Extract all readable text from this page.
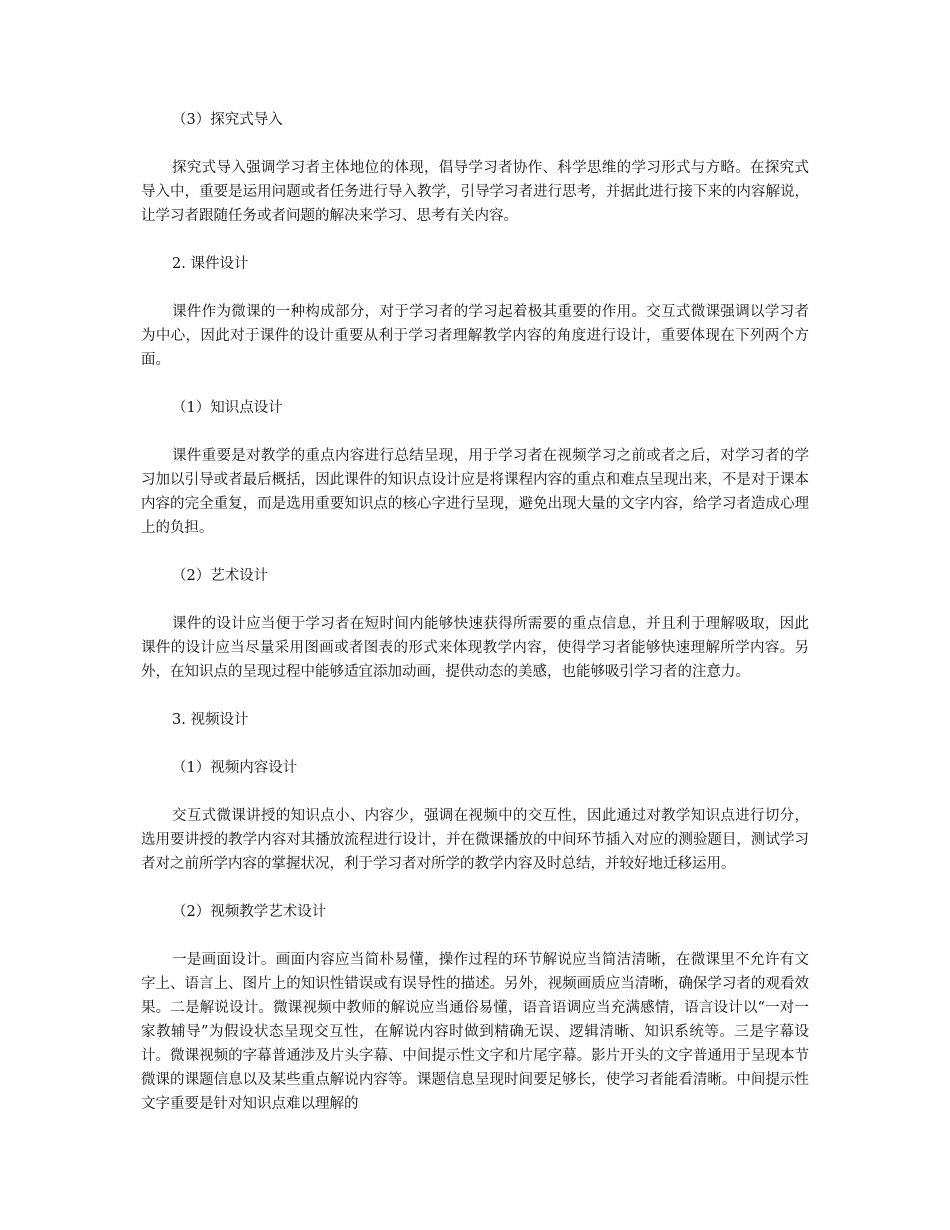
（3）探究式导入

探究式导入强调学习者主体地位的体现，倡导学习者协作、科学思维的学习形式与方略。在探究式导入中，重要是运用问题或者任务进行导入教学，引导学习者进行思考，并据此进行接下来的内容解说，让学习者跟随任务或者问题的解决来学习、思考有关内容。

2. 课件设计

课件作为微课的一种构成部分，对于学习者的学习起着极其重要的作用。交互式微课强调以学习者为中心，因此对于课件的设计重要从利于学习者理解教学内容的角度进行设计，重要体现在下列两个方面。

（1）知识点设计

课件重要是对教学的重点内容进行总结呈现，用于学习者在视频学习之前或者之后，对学习者的学习加以引导或者最后概括，因此课件的知识点设计应是将课程内容的重点和难点呈现出来，不是对于课本内容的完全重复，而是选用重要知识点的核心字进行呈现，避免出现大量的文字内容，给学习者造成心理上的负担。

（2）艺术设计

课件的设计应当便于学习者在短时间内能够快速获得所需要的重点信息，并且利于理解吸取，因此课件的设计应当尽量采用图画或者图表的形式来体现教学内容，使得学习者能够快速理解所学内容。另外，在知识点的呈现过程中能够适宜添加动画，提供动态的美感，也能够吸引学习者的注意力。

3. 视频设计

（1）视频内容设计

交互式微课讲授的知识点小、内容少，强调在视频中的交互性，因此通过对教学知识点进行切分，选用要讲授的教学内容对其播放流程进行设计，并在微课播放的中间环节插入对应的测验题目，测试学习者对之前所学内容的掌握状况，利于学习者对所学的教学内容及时总结，并较好地迁移运用。

（2）视频教学艺术设计

一是画面设计。画面内容应当简朴易懂，操作过程的环节解说应当简洁清晰，在微课里不允许有文字上、语言上、图片上的知识性错误或有误导性的描述。另外，视频画质应当清晰，确保学习者的观看效果。二是解说设计。微课视频中教师的解说应当通俗易懂，语音语调应当充满感情，语言设计以“一对一家教辅导”为假设状态呈现交互性，在解说内容时做到精确无误、逻辑清晰、知识系统等。三是字幕设计。微课视频的字幕普通涉及片头字幕、中间提示性文字和片尾字幕。影片开头的文字普通用于呈现本节微课的课题信息以及某些重点解说内容等。课题信息呈现时间要足够长，使学习者能看清晰。中间提示性文字重要是针对知识点难以理解的
